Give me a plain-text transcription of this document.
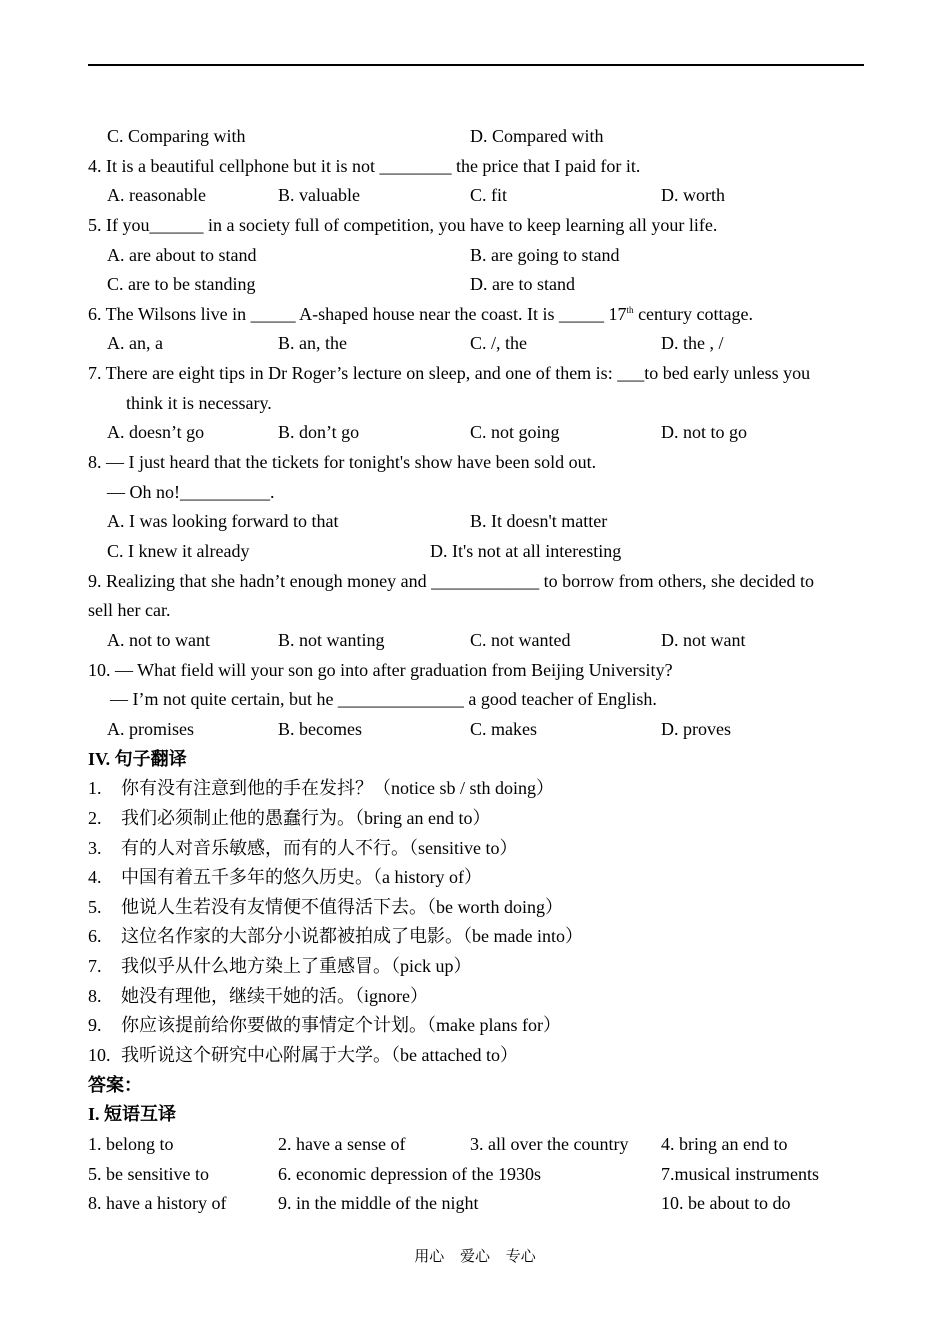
C. Comparing with	D. Compared with
4. It is a beautiful cellphone but it is not ________ the price that I paid for it.
A. reasonable	B. valuable	C. fit	D. worth
5. If you______ in a society full of competition, you have to keep learning all your life.
A. are about to stand	B. are going to stand
C. are to be standing	D. are to stand
6. The Wilsons live in _____ A-shaped house near the coast. It is _____ 17th century cottage.
A. an, a	B. an, the	C. /, the	D. the , /
7. There are eight tips in Dr Roger’s lecture on sleep, and one of them is: ___to bed early unless you
think it is necessary.
A. doesn’t go	B. don’t go	C. not going	D. not to go
8. — I just heard that the tickets for tonight's show have been sold out.
— Oh no!__________.
A. I was looking forward to that	B. It doesn't matter
C. I knew it already	D. It's not at all interesting
9. Realizing that she hadn’t enough money and ____________ to borrow from others, she decided to
sell her car.
A. not to want	B. not wanting	C. not wanted	D. not want
10. — What field will your son go into after graduation from Beijing University?
— I’m not quite certain, but he ______________ a good teacher of English.
A. promises	B. becomes	C. makes	D. proves
IV. 句子翻译
1. 你有没有注意到他的手在发抖？（notice sb / sth doing）
2. 我们必须制止他的愚蠢行为。（bring an end to）
3. 有的人对音乐敏感，而有的人不行。（sensitive to）
4. 中国有着五千多年的悠久历史。（a history of）
5. 他说人生若没有友情便不值得活下去。（be worth doing）
6. 这位名作家的大部分小说都被拍成了电影。（be made into）
7. 我似乎从什么地方染上了重感冒。（pick up）
8. 她没有理他，继续干她的活。（ignore）
9. 你应该提前给你要做的事情定个计划。（make plans for）
10. 我听说这个研究中心附属于大学。（be attached to）
答案：
I. 短语互译
1. belong to	2. have a sense of	3. all over the country 4. bring an end to
5. be sensitive to	6. economic depression of the 1930s	7.musical instruments
8. have a history of	9. in the middle of the night	10. be about to do
用心 爱心 专心
